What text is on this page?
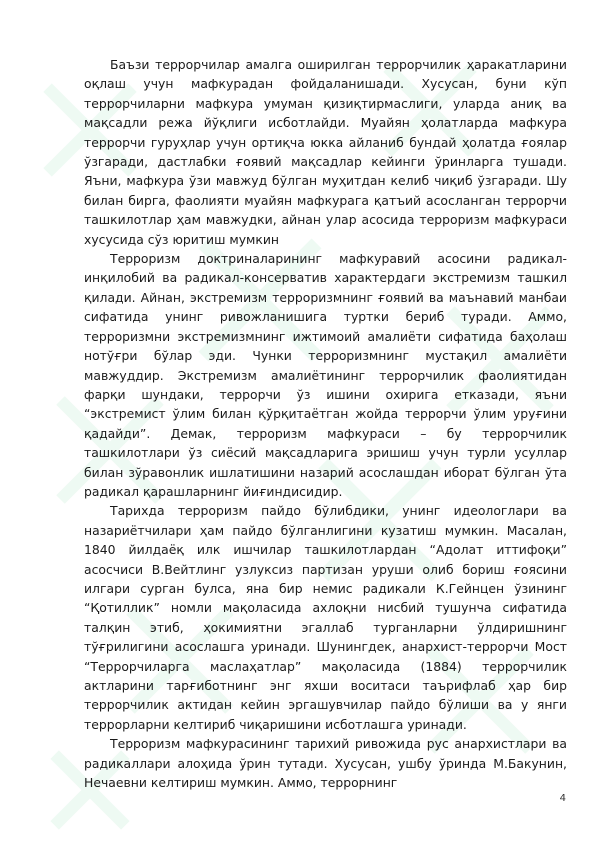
Баъзи террорчилар амалга оширилган террорчилик ҳаракатларини оқлаш учун мафкурадан фойдаланишади. Хусусан, буни кўп террорчиларни мафкура умуман қизиқтирмаслиги, уларда аниқ ва мақсадли режа йўқлиги исботлайди. Муайян ҳолатларда мафкура террорчи гуруҳлар учун ортиқча юкка айланиб бундай ҳолатда ғоялар ўзгаради, дастлабки ғоявий мақсадлар кейинги ўринларга тушади. Яъни, мафкура ўзи мавжуд бўлган муҳитдан келиб чиқиб ўзгаради. Шу билан бирга, фаолияти муайян мафкурага қатъий асосланган террорчи ташкилотлар ҳам мавжудки, айнан улар асосида терроризм мафкураси хусусида сўз юритиш мумкин

Терроризм доктриналарининг мафкуравий асосини радикал-инқилобий ва радикал-консерватив характердаги экстремизм ташкил қилади. Айнан, экстремизм терроризмнинг ғоявий ва маънавий манбаи сифатида унинг ривожланишига туртки бериб туради. Аммо, терроризмни экстремизмнинг ижтимоий амалиёти сифатида баҳолаш нотўғри бўлар эди. Чунки терроризмнинг мустақил амалиёти мавжуддир. Экстремизм амалиётининг террорчилик фаолиятидан фарқи шундаки, террорчи ўз ишини охирига етказади, яъни “экстремист ўлим билан қўрқитаётган жойда террорчи ўлим уруғини қадайди”. Демак, терроризм мафкураси – бу террорчилик ташкилотлари ўз сиёсий мақсадларига эришиш учун турли усуллар билан зўравонлик ишлатишини назарий асослашдан иборат бўлган ўта радикал қарашларнинг йиғиндисидир.

Тарихда терроризм пайдо бўлибдики, унинг идеологлари ва назариётчилари ҳам пайдо бўлганлигини кузатиш мумкин. Масалан, 1840 йилдаёқ илк ишчилар ташкилотлардан “Адолат иттифоқи” асосчиси В.Вейтлинг узлуксиз партизан уруши олиб бориш ғоясини илгари сурган булса, яна бир немис радикали К.Гейнцен ўзининг “Қотиллик” номли мақоласида ахлоқни нисбий тушунча сифатида талқин этиб, ҳокимиятни эгаллаб турганларни ўлдиришнинг тўғрилигини асослашга уринади. Шунингдек, анархист-террорчи Мост “Террорчиларга маслаҳатлар” мақоласида (1884) террорчилик актларини тарғиботнинг энг яхши воситаси таърифлаб ҳар бир террорчилик актидан кейин эргашувчилар пайдо бўлиши ва у янги террорларни келтириб чиқаришини исботлашга уринади.

Терроризм мафкурасининг тарихий ривожида рус анархистлари ва радикаллари алоҳида ўрин тутади. Хусусан, ушбу ўринда М.Бакунин, Нечаевни келтириш мумкин. Аммо, террорнинг

4
